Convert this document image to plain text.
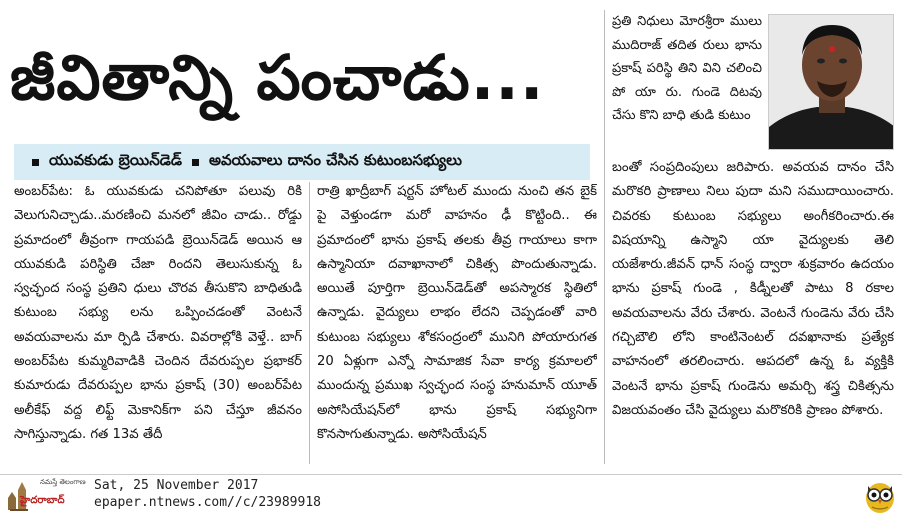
జీవితాన్ని పంచాడు...
యువకుడు బ్రెయిన్‌డెడ్ అవయవాలు దానం చేసిన కుటుంబసభ్యులు

అంబర్‌పేట: ఓ యువకుడు చనిపోతూ పలువు రికి వెలుగునిచ్చాడు..మరణించి మనలో జీవిం చాడు.. రోడ్డు ప్రమాదంలో తీవ్రంగా గాయపడి బ్రెయిన్‌డెడ్ అయిన ఆ యువకుడి పరిస్థితి చేజా రిందని తెలుసుకున్న ఓ స్వచ్ఛంద సంస్థ ప్రతిని ధులు చొరవ తీసుకొని బాధితుడి కుటుంబ సభ్యు లను ఒప్పించడంతో వెంటనే అవయవాలను మా ర్పిడి చేశారు. వివరాల్లోకి వెళ్తే.. బాగ్ అంబర్‌పేట కుమ్మరివాడికి చెందిన దేవరుప్పల ప్రభాకర్ కుమారుడు దేవరుప్పల భాను ప్రకాష్ (30) అంబర్‌పేట అలీకేఫ్ వద్ద లిఫ్ట్ మెకానిక్‌గా పని చేస్తూ జీవనం సాగిస్తున్నాడు. గత 13వ తేదీ

రాత్రి ఖాద్రీబాగ్ షర్టన్ హోటల్ ముందు నుంచి తన బైక్ పై వెళ్తుండగా మరో వాహనం ఢీ కొట్టింది.. ఈ ప్రమాదంలో భాను ప్రకాష్ తలకు తీవ్ర గాయాలు కాగా ఉస్మానియా దవాఖానాలో చికిత్స పొందుతున్నాడు. అయితే పూర్తిగా బ్రెయిన్‌డెడ్‌తో అపస్మారక స్థితిలో ఉన్నాడు. వైద్యులు లాభం లేదని చెప్పడంతో వారి కుటుంబ సభ్యులు శోకసంద్రంలో మునిగి పోయారుగత 20 ఏళ్లుగా ఎన్నో సామాజిక సేవా కార్య క్రమాలలో ముందున్న ప్రముఖ స్వచ్ఛంద సంస్థ హనుమాన్ యూత్ అసోసియేషన్‌లో భాను ప్రకాష్ సభ్యునిగా కొనసాగుతున్నాడు. అసోసియేషన్

ప్రతి నిధులు మోర‌శ్రీరా ములు ముదిరాజ్ తదిత రులు భాను ప్రకాష్ పరిస్థి తిని విని చలించి పో యా రు. గుండె దిటవు చేసు కొని బాధి తుడి కుటుం

బంతో సంప్రదింపులు జరిపారు. అవయవ దానం చేసి మరొకరి ప్రాణాలు నిలు పుదా మని సముదాయించారు. చివరకు కుటుంబ సభ్యులు అంగీకరించారు.ఈ విషయాన్ని ఉస్మాని యా వైద్యులకు తెలి యజేశారు.జీవన్ ధాన్ సంస్థ ద్వారా శుక్రవారం ఉదయం భాను ప్రకాష్ గుండె , కిడ్నీలతో పాటు 8 రకాల అవయవాలను వేరు చేశారు. వెంటనే గుండెను వేరు చేసి గచ్చిబౌలి లోని కాంటినెంటల్ దవఖానాకు ప్రత్యేక వాహనంలో తరలించారు. ఆపదలో ఉన్న ఓ వ్యక్తికి వెంటనే భాను ప్రకాష్ గుండెను అమర్చి శస్త్ర చికిత్సను విజయవంతం చేసి వైద్యులు మరొకరికి ప్రాణం పోశారు.

నమస్తే తెలంగాణ
హైదరాబాద్
Sat, 25 November 2017
epaper.ntnews.com//c/23989918
